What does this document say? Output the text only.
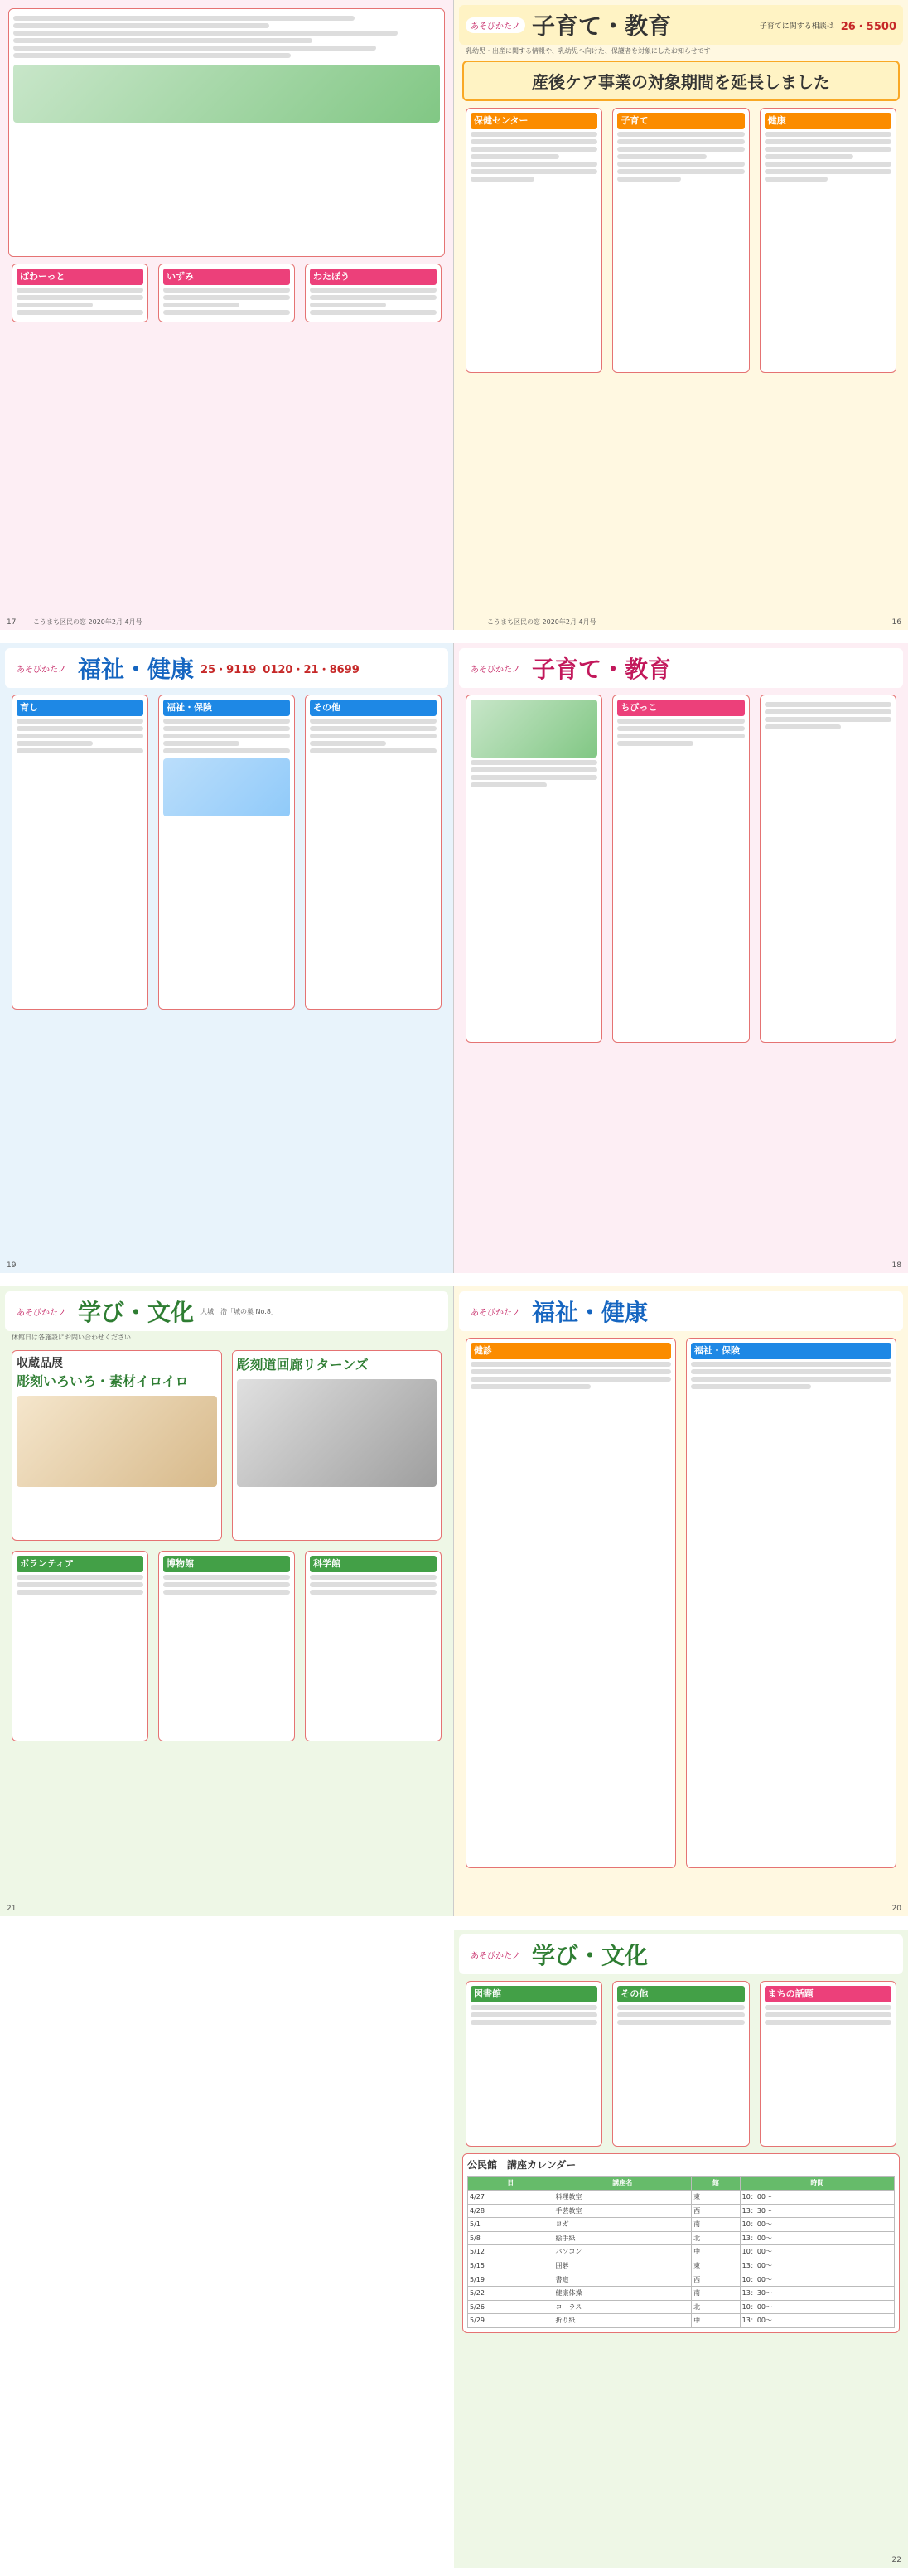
ぱわーっと	いずみ	わたぼう
こうまち区民の窓 2020年2月 4月号
17
あそびかたノ 子育て・教育	子育てに関する相談は 26・5500
乳幼児・出産に関する情報や、乳幼児へ向けた、保護者を対象にしたお知らせです
産後ケア事業の対象期間を延長しました
保健センター	子育て	健康
こうまち区民の窓 2020年2月 4月号	16
あそびかたノ 福祉・健康 25・9119 0120・21・8699
育し	福祉・保険	その他
19
あそびかたノ 子育て・教育
ちびっこ
18
あそびかたノ 学び・文化 大城　浩「城の巣 No.8」
休館日は各施設にお問い合わせください
収蔵品展
彫刻いろいろ・素材イロイロ
彫刻道回廊リターンズ
ボランティア	博物館	科学館
21
あそびかたノ 福祉・健康
健診	福祉・保険
20
あそびかたノ 学び・文化
図書館	その他	まちの話題
公民館　講座カレンダー
日	講座名	館	時間
4/27	料理教室	東	10：00〜
4/28	手芸教室	西	13：30〜
5/1	ヨガ	南	10：00〜
5/8	絵手紙	北	13：00〜
5/12	パソコン	中	10：00〜
5/15	囲碁	東	13：00〜
5/19	書道	西	10：00〜
5/22	健康体操	南	13：30〜
5/26	コーラス	北	10：00〜
5/29	折り紙	中	13：00〜
22
